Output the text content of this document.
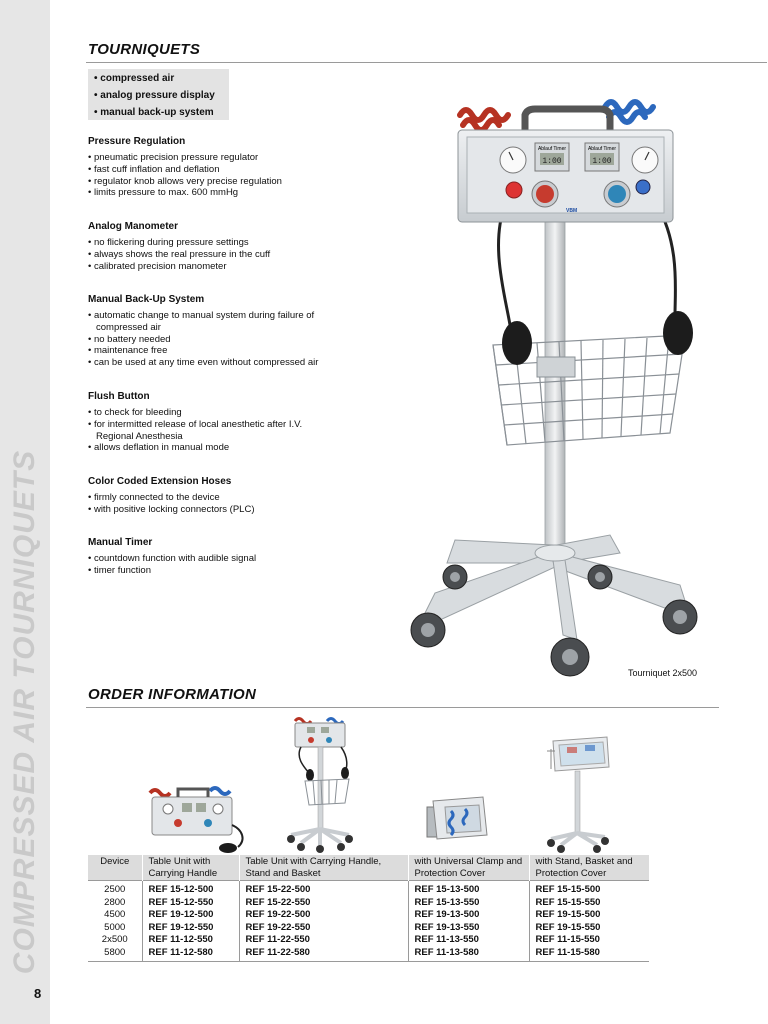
COMPRESSED AIR TOURNIQUETS
8
TOURNIQUETS
• compressed air
• analog pressure display
• manual back-up system
Pressure Regulation
• pneumatic precision pressure regulator
• fast cuff inflation and deflation
• regulator knob allows very precise regulation
• limits pressure to max. 600 mmHg
Analog Manometer
• no flickering during pressure settings
• always shows the real pressure in the cuff
• calibrated precision manometer
Manual Back-Up System
• automatic change to manual system during failure of compressed air
• no battery needed
• maintenance free
• can be used at any time even without compressed air
Flush Button
• to check for bleeding
• for intermitted release of local anesthetic after I.V. Regional Anesthesia
• allows deflation in manual mode
Color Coded Extension Hoses
• firmly connected to the device
• with positive locking connectors (PLC)
Manual Timer
• countdown function with audible signal
• timer function
Ablauf Timer	Ablauf Timer
1:00	1:00
VBM
Tourniquet 2x500
ORDER INFORMATION
Device	Table Unit with Carrying Handle	Table Unit with Carrying Handle, Stand and Basket	with Universal Clamp and Protection Cover	with Stand, Basket and Protection Cover
2500	REF 15-12-500	REF 15-22-500	REF 15-13-500	REF 15-15-500
2800	REF 15-12-550	REF 15-22-550	REF 15-13-550	REF 15-15-550
4500	REF 19-12-500	REF 19-22-500	REF 19-13-500	REF 19-15-500
5000	REF 19-12-550	REF 19-22-550	REF 19-13-550	REF 19-15-550
2x500	REF 11-12-550	REF 11-22-550	REF 11-13-550	REF 11-15-550
5800	REF 11-12-580	REF 11-22-580	REF 11-13-580	REF 11-15-580
